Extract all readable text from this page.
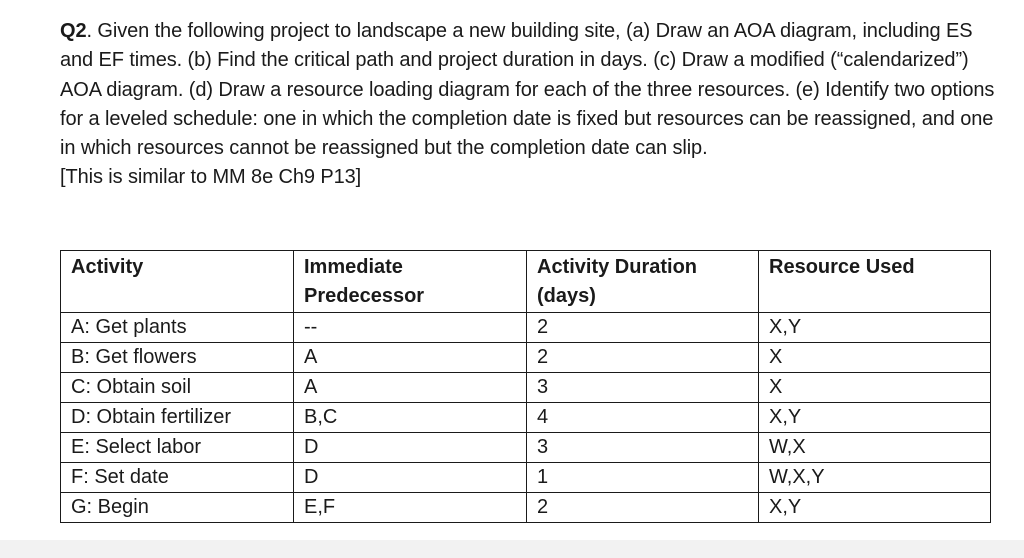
Q2. Given the following project to landscape a new building site, (a) Draw an AOA diagram, including ES and EF times. (b) Find the critical path and project duration in days. (c) Draw a modified (“calendarized”) AOA diagram. (d) Draw a resource loading diagram for each of the three resources. (e) Identify two options for a leveled schedule: one in which the completion date is fixed but resources can be reassigned, and one in which resources cannot be reassigned but the completion date can slip.
[This is similar to MM 8e Ch9 P13]
Activity	Immediate Predecessor	Activity Duration (days)	Resource Used
A: Get plants	--	2	X,Y
B: Get flowers	A	2	X
C: Obtain soil	A	3	X
D: Obtain fertilizer	B,C	4	X,Y
E: Select labor	D	3	W,X
F: Set date	D	1	W,X,Y
G: Begin	E,F	2	X,Y
